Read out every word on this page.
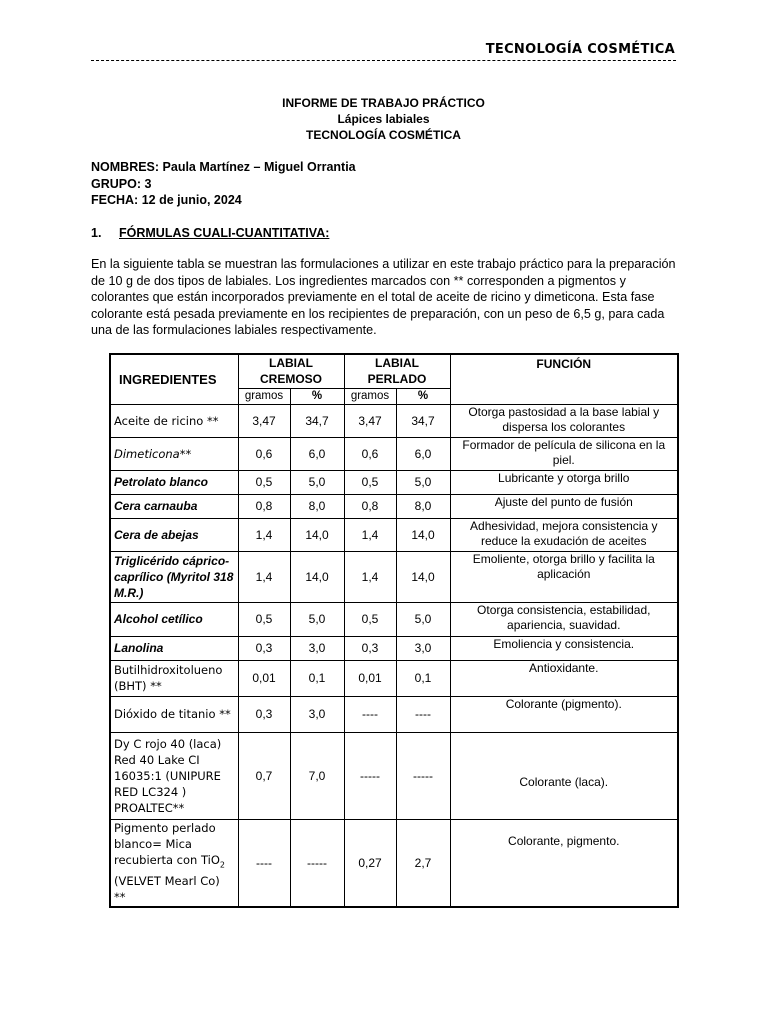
TECNOLOGÍA COSMÉTICA
INFORME DE TRABAJO PRÁCTICO
Lápices labiales
TECNOLOGÍA COSMÉTICA
NOMBRES: Paula Martínez – Miguel Orrantia
GRUPO: 3
FECHA: 12 de junio, 2024
1. FÓRMULAS CUALI-CUANTITATIVA:
En la siguiente tabla se muestran las formulaciones a utilizar en este trabajo práctico para la preparación de 10 g de dos tipos de labiales. Los ingredientes marcados con ** corresponden a pigmentos y colorantes que están incorporados previamente en el total de aceite de ricino y dimeticona. Esta fase colorante está pesada previamente en los recipientes de preparación, con un peso de 6,5 g, para cada una de las formulaciones labiales respectivamente.
INGREDIENTES	LABIAL CREMOSO		LABIAL PERLADO		FUNCIÓN
	gramos	%	gramos	%	
Aceite de ricino **	3,47	34,7	3,47	34,7	Otorga pastosidad a la base labial y dispersa los colorantes
Dimeticona**	0,6	6,0	0,6	6,0	Formador de película de silicona en la piel.
Petrolato blanco	0,5	5,0	0,5	5,0	Lubricante y otorga brillo
Cera carnauba	0,8	8,0	0,8	8,0	Ajuste del punto de fusión
Cera de abejas	1,4	14,0	1,4	14,0	Adhesividad, mejora consistencia y reduce la exudación de aceites
Triglicérido cáprico-caprílico (Myritol 318 M.R.)	1,4	14,0	1,4	14,0	Emoliente, otorga brillo y facilita la aplicación
Alcohol cetílico	0,5	5,0	0,5	5,0	Otorga consistencia, estabilidad, apariencia, suavidad.
Lanolina	0,3	3,0	0,3	3,0	Emoliencia y consistencia.
Butilhidroxitolueno (BHT) **	0,01	0,1	0,01	0,1	Antioxidante.
Dióxido de titanio **	0,3	3,0	----	----	Colorante (pigmento).
Dy C rojo 40 (laca) Red 40 Lake CI 16035:1 (UNIPURE RED LC324 ) PROALTEC**	0,7	7,0	-----	-----	Colorante (laca).
Pigmento perlado blanco= Mica recubierta con TiO$_2$ (VELVET Mearl Co) **	----	-----	0,27	2,7	Colorante, pigmento.
